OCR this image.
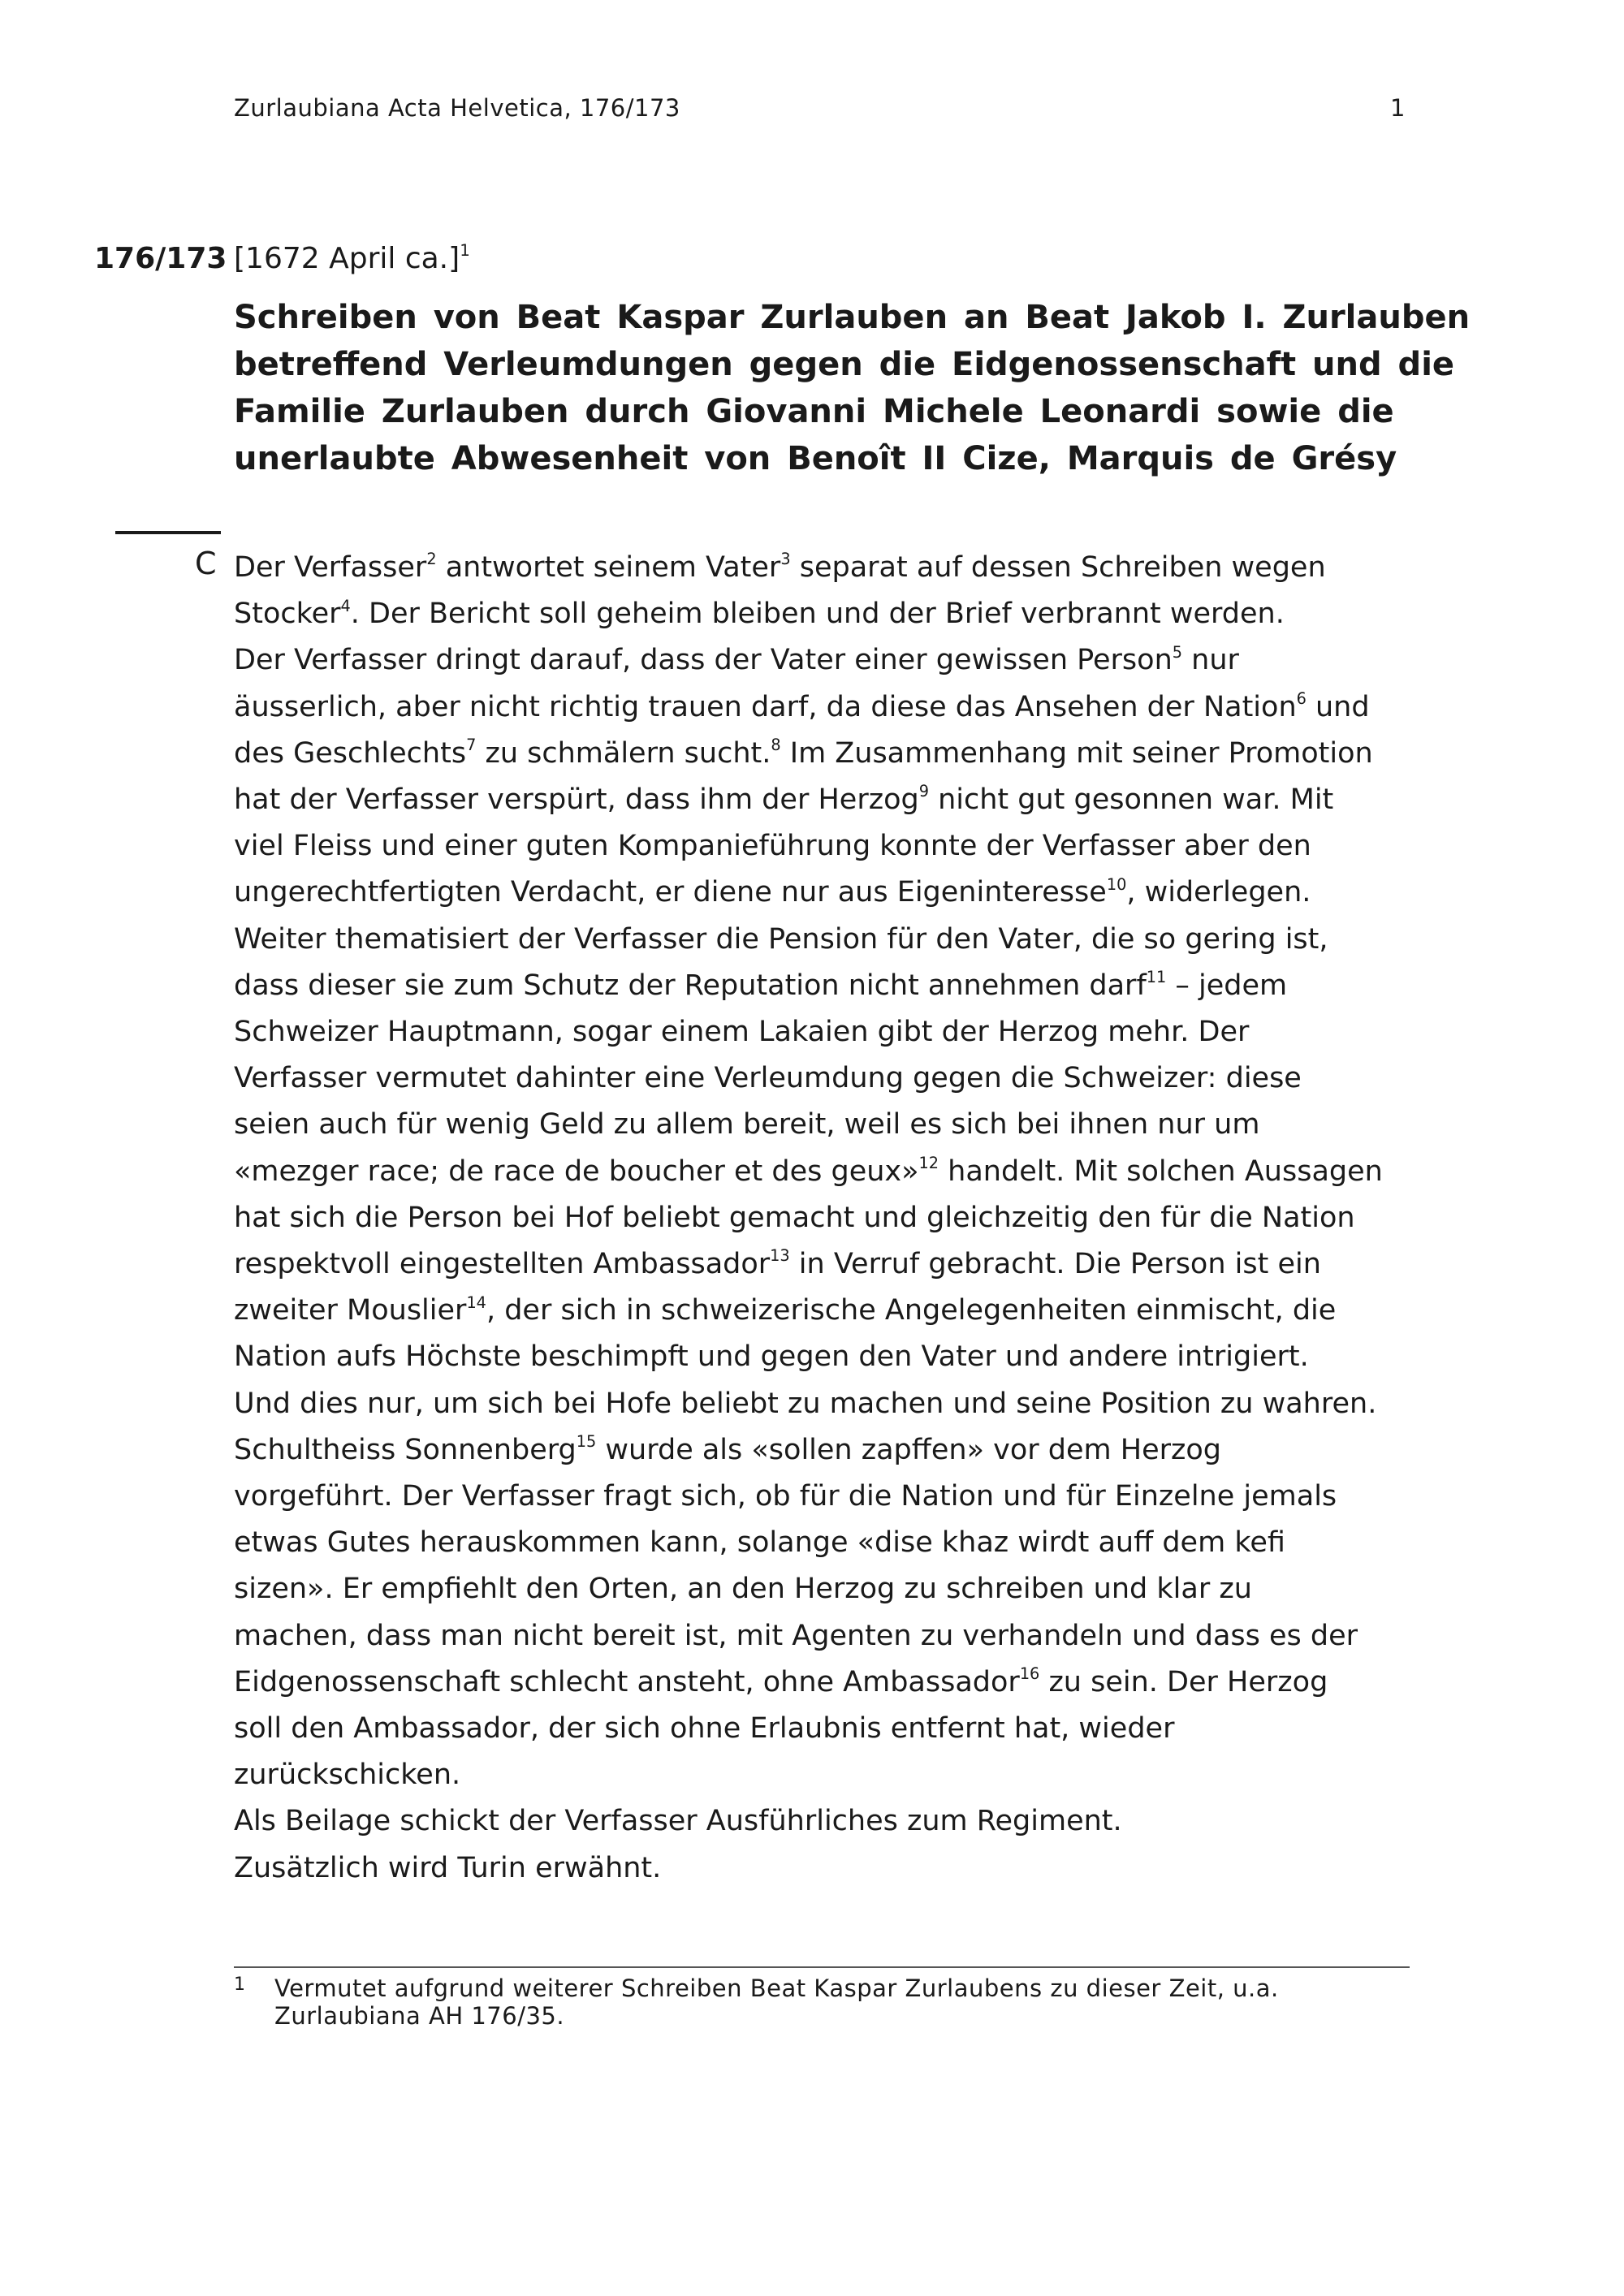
Zurlaubiana Acta Helvetica, 176/173	1
176/173 [1672 April ca.]$^1$
Schreiben von Beat Kaspar Zurlauben an Beat Jakob I. Zurlauben
betreffend Verleumdungen gegen die Eidgenossenschaft und die
Familie Zurlauben durch Giovanni Michele Leonardi sowie die
unerlaubte Abwesenheit von Benoît II Cize, Marquis de Grésy
C Der Verfasser$^2$ antwortet seinem Vater$^3$ separat auf dessen Schreiben wegen
Stocker$^4$. Der Bericht soll geheim bleiben und der Brief verbrannt werden.
Der Verfasser dringt darauf, dass der Vater einer gewissen Person$^5$ nur
äusserlich, aber nicht richtig trauen darf, da diese das Ansehen der Nation$^6$ und
des Geschlechts$^7$ zu schmälern sucht.$^8$ Im Zusammenhang mit seiner Promotion
hat der Verfasser verspürt, dass ihm der Herzog$^9$ nicht gut gesonnen war. Mit
viel Fleiss und einer guten Kompanieführung konnte der Verfasser aber den
ungerechtfertigten Verdacht, er diene nur aus Eigeninteresse$^{10}$, widerlegen.
Weiter thematisiert der Verfasser die Pension für den Vater, die so gering ist,
dass dieser sie zum Schutz der Reputation nicht annehmen darf$^{11}$ – jedem
Schweizer Hauptmann, sogar einem Lakaien gibt der Herzog mehr. Der
Verfasser vermutet dahinter eine Verleumdung gegen die Schweizer: diese
seien auch für wenig Geld zu allem bereit, weil es sich bei ihnen nur um
«mezger race; de race de boucher et des geux»$^{12}$ handelt. Mit solchen Aussagen
hat sich die Person bei Hof beliebt gemacht und gleichzeitig den für die Nation
respektvoll eingestellten Ambassador$^{13}$ in Verruf gebracht. Die Person ist ein
zweiter Mouslier$^{14}$, der sich in schweizerische Angelegenheiten einmischt, die
Nation aufs Höchste beschimpft und gegen den Vater und andere intrigiert.
Und dies nur, um sich bei Hofe beliebt zu machen und seine Position zu wahren.
Schultheiss Sonnenberg$^{15}$ wurde als «sollen zapffen» vor dem Herzog
vorgeführt. Der Verfasser fragt sich, ob für die Nation und für Einzelne jemals
etwas Gutes herauskommen kann, solange «dise khaz wirdt auff dem kefi
sizen». Er empfiehlt den Orten, an den Herzog zu schreiben und klar zu
machen, dass man nicht bereit ist, mit Agenten zu verhandeln und dass es der
Eidgenossenschaft schlecht ansteht, ohne Ambassador$^{16}$ zu sein. Der Herzog
soll den Ambassador, der sich ohne Erlaubnis entfernt hat, wieder
zurückschicken.
Als Beilage schickt der Verfasser Ausführliches zum Regiment.
Zusätzlich wird Turin erwähnt.
1 Vermutet aufgrund weiterer Schreiben Beat Kaspar Zurlaubens zu dieser Zeit, u.a.
Zurlaubiana AH 176/35.
